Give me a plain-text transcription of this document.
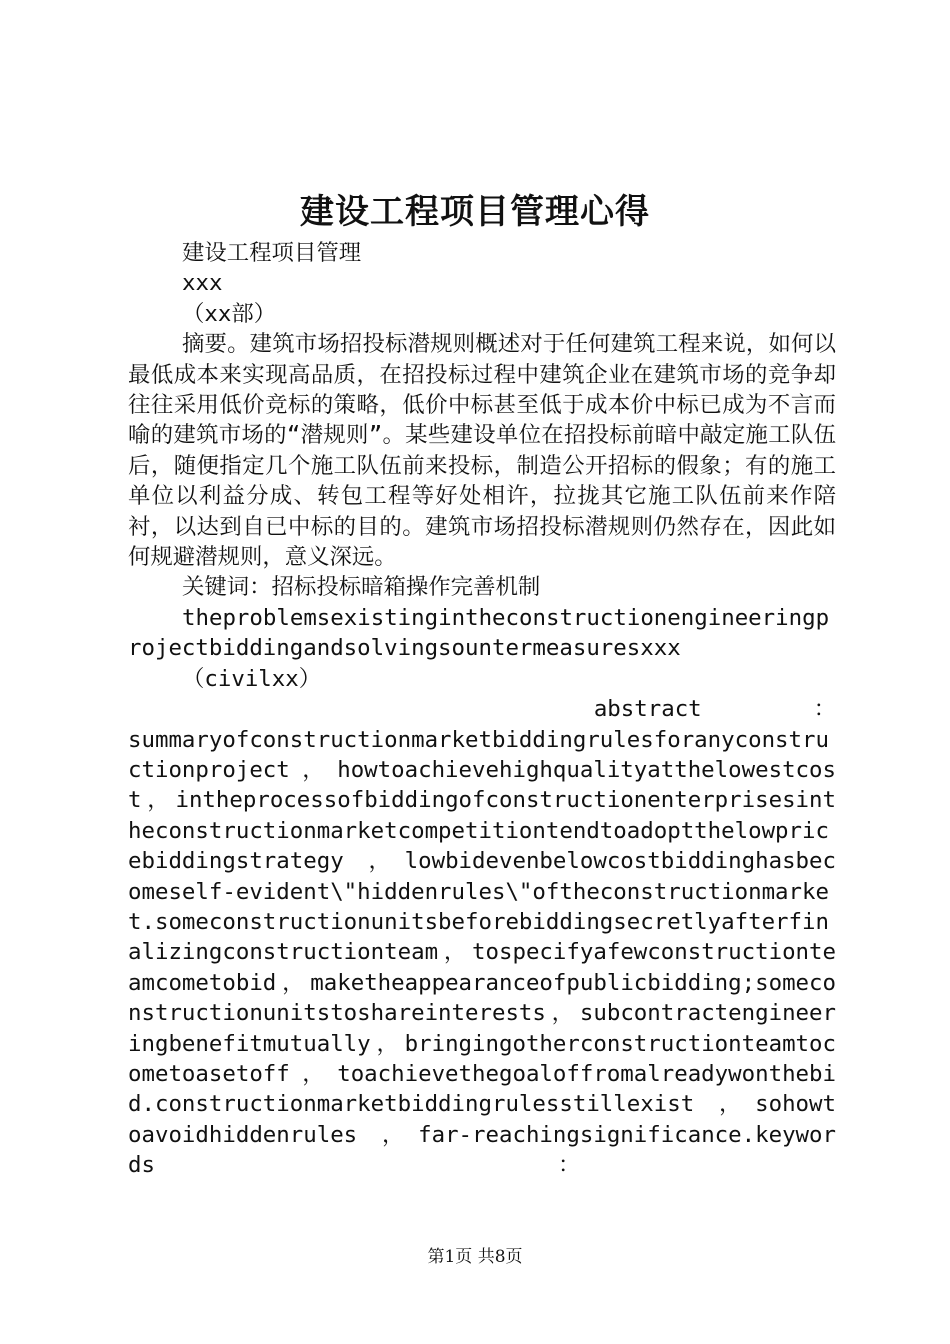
建设工程项目管理心得

建设工程项目管理

xxx

（xx部）

摘要。建筑市场招投标潜规则概述对于任何建筑工程来说，如何以最低成本来实现高品质，在招投标过程中建筑企业在建筑市场的竞争却往往采用低价竞标的策略，低价中标甚至低于成本价中标已成为不言而喻的建筑市场的“潜规则”。某些建设单位在招投标前暗中敲定施工队伍后，随便指定几个施工队伍前来投标，制造公开招标的假象；有的施工单位以利益分成、转包工程等好处相许，拉拢其它施工队伍前来作陪衬，以达到自已中标的目的。建筑市场招投标潜规则仍然存在，因此如何规避潜规则，意义深远。

关键词：招标投标暗箱操作完善机制

theproblemsexistingintheconstructionengineeringprojectbiddingandsolvingsountermeasuresxxx

（civilxx）

abstract　　　　　：

summaryofconstructionmarketbiddingrulesforanyconstructionproject，howtoachievehighqualityatthelowestcost，intheprocessofbiddingofconstructionenterprisesintheconstructionmarketcompetitiontendtoadoptthelowpricebiddingstrategy　，　lowbidevenbelowcostbiddinghasbecomeself-evident\"hiddenrules\"oftheconstructionmarket.someconstructionunitsbeforebiddingsecretlyafterfinalizingconstructionteam，tospecifyafewconstructionteamcometobid，maketheappearanceofpublicbidding;someconstructionunitstoshareinterests，subcontractengineeringbenefitmutually，bringingotherconstructionteamtocometoasetoff，toachievethegoaloffromalreadywonthebid.constructionmarketbiddingrulesstillexist　，　sohowtoavoidhiddenrules　，　far-reachingsignificance.keywords　　　　　　　　　　　　　　　　　　：

第1页 共8页
